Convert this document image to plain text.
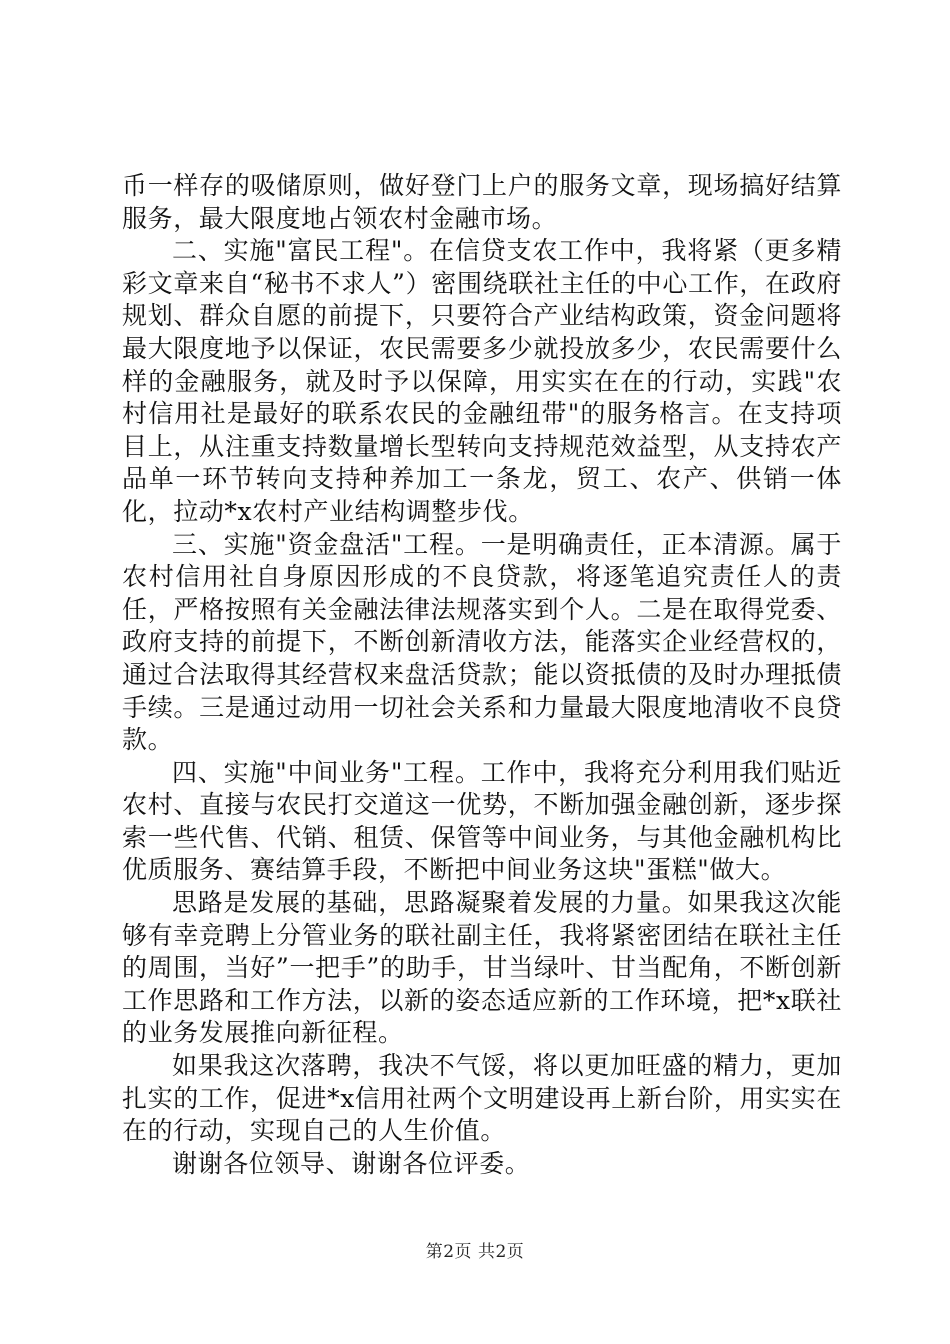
币一样存的吸储原则，做好登门上户的服务文章，现场搞好结算服务，最大限度地占领农村金融市场。

二、实施"富民工程"。在信贷支农工作中，我将紧（更多精彩文章来自“秘书不求人”）密围绕联社主任的中心工作，在政府规划、群众自愿的前提下，只要符合产业结构政策，资金问题将最大限度地予以保证，农民需要多少就投放多少，农民需要什么样的金融服务，就及时予以保障，用实实在在的行动，实践"农村信用社是最好的联系农民的金融纽带"的服务格言。在支持项目上，从注重支持数量增长型转向支持规范效益型，从支持农产品单一环节转向支持种养加工一条龙，贸工、农产、供销一体化，拉动*x农村产业结构调整步伐。

三、实施"资金盘活"工程。一是明确责任，正本清源。属于农村信用社自身原因形成的不良贷款，将逐笔追究责任人的责任，严格按照有关金融法律法规落实到个人。二是在取得党委、政府支持的前提下，不断创新清收方法，能落实企业经营权的，通过合法取得其经营权来盘活贷款；能以资抵债的及时办理抵债手续。三是通过动用一切社会关系和力量最大限度地清收不良贷款。

四、实施"中间业务"工程。工作中，我将充分利用我们贴近农村、直接与农民打交道这一优势，不断加强金融创新，逐步探索一些代售、代销、租赁、保管等中间业务，与其他金融机构比优质服务、赛结算手段，不断把中间业务这块"蛋糕"做大。

思路是发展的基础，思路凝聚着发展的力量。如果我这次能够有幸竞聘上分管业务的联社副主任，我将紧密团结在联社主任的周围，当好”一把手”的助手，甘当绿叶、甘当配角，不断创新工作思路和工作方法，以新的姿态适应新的工作环境，把*x联社的业务发展推向新征程。

如果我这次落聘，我决不气馁，将以更加旺盛的精力，更加扎实的工作，促进*x信用社两个文明建设再上新台阶，用实实在在的行动，实现自己的人生价值。

谢谢各位领导、谢谢各位评委。

第2页 共2页
